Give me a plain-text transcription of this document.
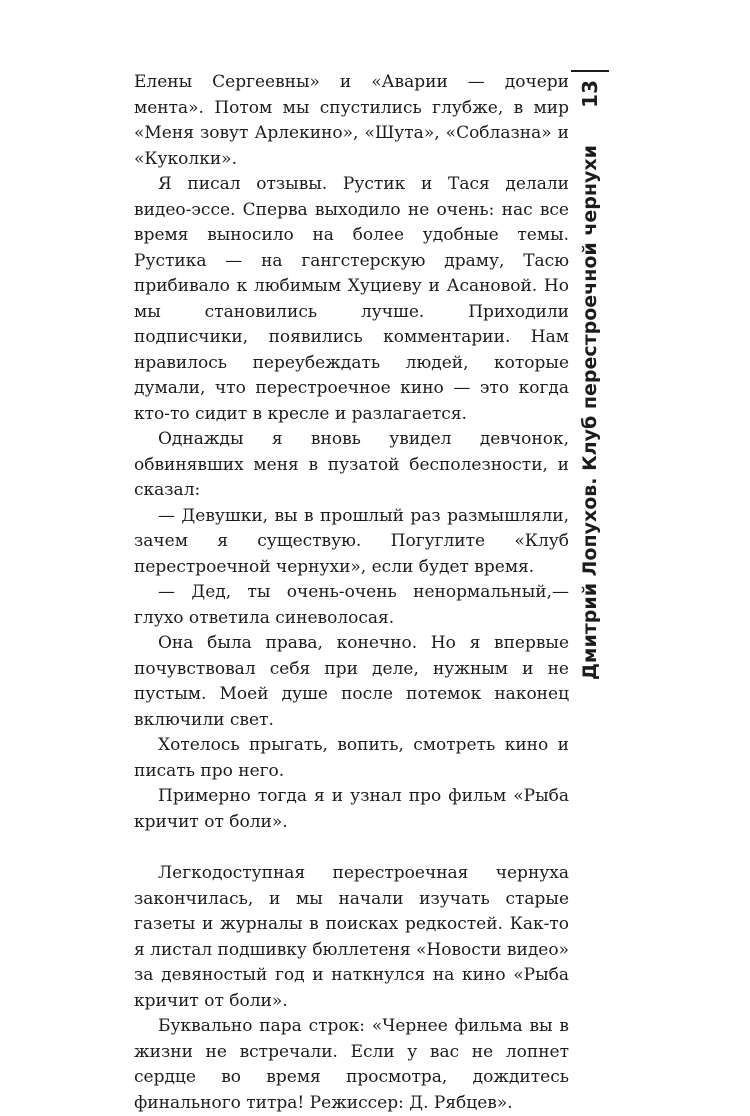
Елены Сергеевны» и «Аварии — дочери мента». Потом мы спустились глубже, в мир «Меня зовут Арлекино», «Шута», «Соблазна» и «Куколки».

Я писал отзывы. Рустик и Тася делали видео-эссе. Сперва выходило не очень: нас все время выносило на более удобные темы. Рустика — на гангстерскую драму, Тасю прибивало к любимым Хуциеву и Асановой. Но мы становились лучше. Приходили подписчики, появились комментарии. Нам нравилось переубеждать людей, которые думали, что перестроечное кино — это когда кто-то сидит в кресле и разлагается.

Однажды я вновь увидел девчонок, обвинявших меня в пузатой бесполезности, и сказал:

— Девушки, вы в прошлый раз размышляли, зачем я существую. Погуглите «Клуб перестроечной чернухи», если будет время.

— Дед, ты очень-очень ненормальный,— глухо ответила синеволосая.

Она была права, конечно. Но я впервые почувствовал себя при деле, нужным и не пустым. Моей душе после потемок наконец включили свет.

Хотелось прыгать, вопить, смотреть кино и писать про него.

Примерно тогда я и узнал про фильм «Рыба кричит от боли».

Легкодоступная перестроечная чернуха закончилась, и мы начали изучать старые газеты и журналы в поисках редкостей. Как-то я листал подшивку бюллетеня «Новости видео» за девяностый год и наткнулся на кино «Рыба кричит от боли».

Буквально пара строк: «Чернее фильма вы в жизни не встречали. Если у вас не лопнет сердце во время просмотра, дождитесь финального титра! Режиссер: Д. Рябцев».

Дмитрий Лопухов. Клуб перестроечной чернухи
13
